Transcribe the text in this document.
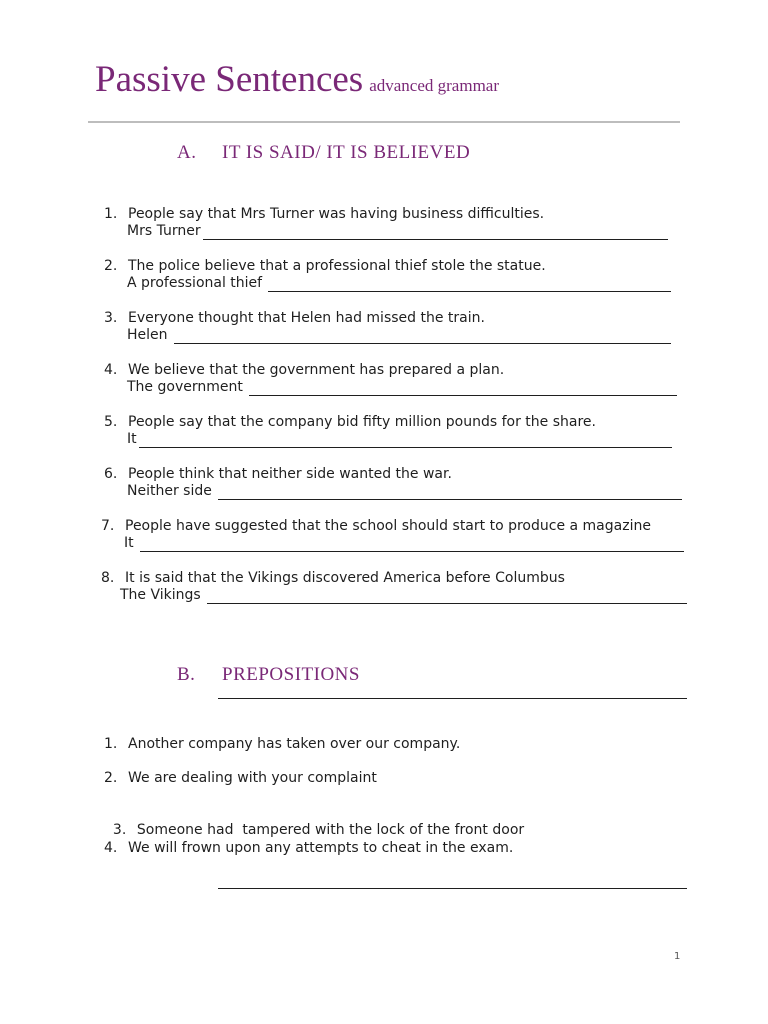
Passive Sentences advanced grammar
A. IT IS SAID/ IT IS BELIEVED
1. People say that Mrs Turner was having business difficulties.
Mrs Turner
2. The police believe that a professional thief stole the statue.
A professional thief
3. Everyone thought that Helen had missed the train.
Helen
4. We believe that the government has prepared a plan.
The government
5. People say that the company bid fifty million pounds for the share.
It
6. People think that neither side wanted the war.
Neither side
7. People have suggested that the school should start to produce a magazine
It
8. It is said that the Vikings discovered America before Columbus
The Vikings
B. PREPOSITIONS
1. Another company has taken over our company.
2. We are dealing with your complaint

3. Someone had  tampered with the lock of the front door

4. We will frown upon any attempts to cheat in the exam.
1
